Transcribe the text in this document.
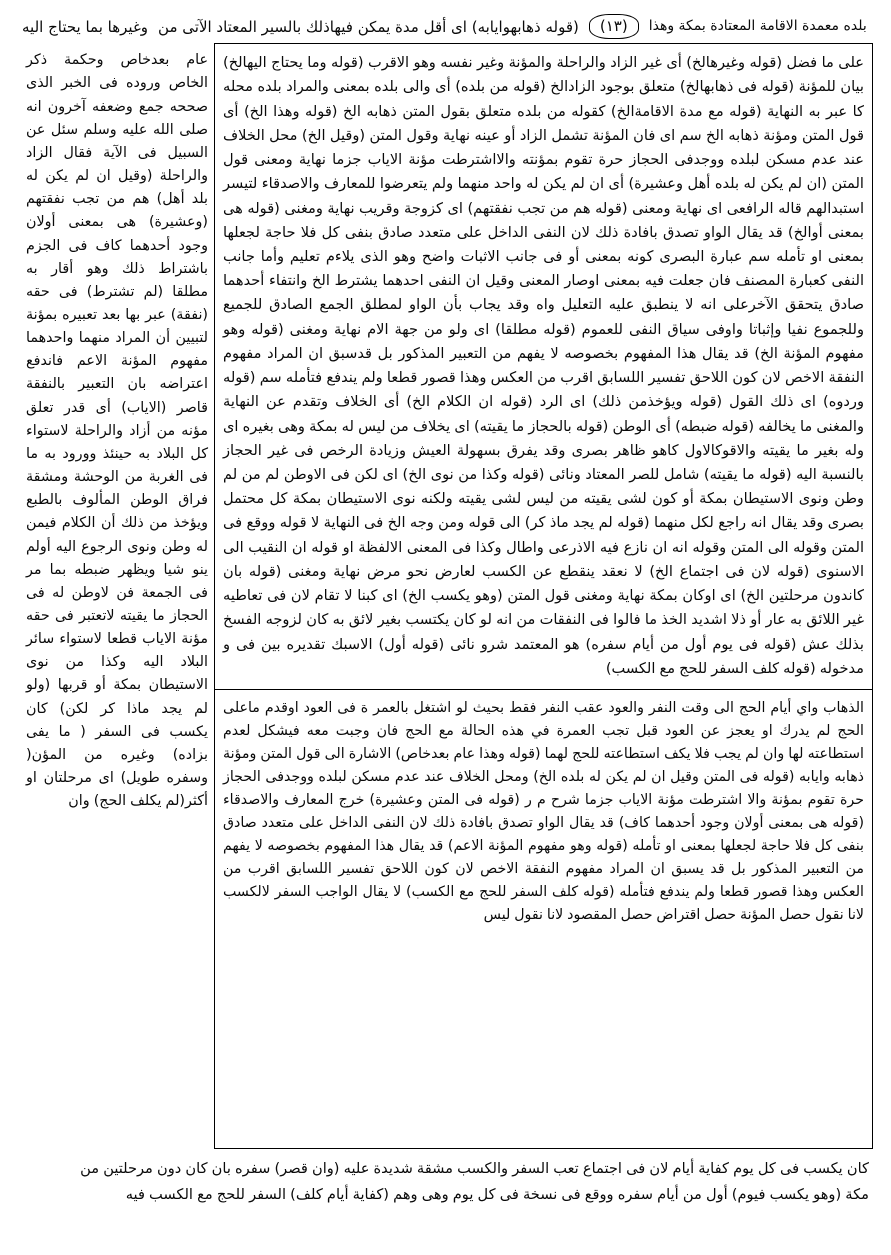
وغيرها بما يحتاج اليه (قوله ذهابهوايابه) اى أقل مدة يمكن فيهاذلك بالسير المعتاد الآتى من	(١٣)	بلده معمدة الاقامة المعتادة بمكة وهذا

على ما فضل (قوله وغيرهالخ) أى غير الزاد والراحلة والمؤنة وغير نفسه وهو الاقرب (قوله وما يحتاج اليهالخ) بيان للمؤنة (قوله فى ذهابهالخ) متعلق بوجود الزادالخ (قوله من بلده) أى والى بلده بمعنى والمراد بلده محله كا عبر به النهاية (قوله مع مدة الاقامةالخ) كقوله من بلده متعلق بقول المتن ذهابه الخ (قوله وهذا الخ) أى قول المتن ومؤنة ذهابه الخ سم اى فان المؤنة تشمل الزاد أو عينه نهاية وقول المتن (وقيل الخ) محل الخلاف عند عدم مسكن لبلده ووجدفى الحجاز حرة تقوم بمؤنته والااشترطت مؤنة الاياب جزما نهاية ومعنى قول المتن (ان لم يكن له بلده أهل وعشيرة) أى ان لم يكن له واحد منهما ولم يتعرضوا للمعارف والاصدقاء لتيسر استبدالهم قاله الرافعى اى نهاية ومعنى (قوله هم من تجب نفقتهم) اى كزوجة وقريب نهاية ومغنى (قوله هى بمعنى أوالخ) قد يقال الواو تصدق بافادة ذلك لان النفى الداخل على متعدد صادق بنفى كل فلا حاجة لجعلها بمعنى او تأمله سم عبارة البصرى كونه بمعنى أو فى جانب الاثبات واضح وهو الذى يلاءم تعليم وأما جانب النفى كعبارة المصنف فان جعلت فيه بمعنى اوصار المعنى وقيل ان النفى احدهما يشترط الخ وانتفاء أحدهما صادق يتحقق الآخرعلى انه لا ينطبق عليه التعليل واه وقد يجاب بأن الواو لمطلق الجمع الصادق للجميع وللجموع نفيا وإثباتا واوفى سياق النفى للعموم (قوله مطلقا) اى ولو من جهة الام نهاية ومغنى (قوله وهو مفهوم المؤنة الخ) قد يقال هذا المفهوم بخصوصه لا يفهم من التعبير المذكور بل قدسبق ان المراد مفهوم النفقة الاخص لان كون اللاحق تفسير اللسابق اقرب من العكس وهذا قصور قطعا ولم يندفع فتأمله سم (قوله وردوه) اى ذلك القول (قوله ويؤخذمن ذلك) اى الرد (قوله ان الكلام الخ) أى الخلاف وتقدم عن النهاية والمغنى ما يخالفه (قوله ضبطه) أى الوطن (قوله بالحجاز ما يقيته) اى يخلاف من ليس له بمكة وهى بغيره اى وله بغير ما يقيته والاقوكالاول كاهو ظاهر بصرى وقد يفرق بسهولة العيش وزيادة الرخص فى غير الحجاز بالنسبة اليه (قوله ما يقيته) شامل للصر المعتاد ونائى (قوله وكذا من نوى الخ) اى لكن فى الاوطن لم من لم وطن ونوى الاستيطان بمكة أو كون لشى يقيته من ليس لشى يقيته ولكنه نوى الاستيطان بمكة كل محتمل بصرى وقد يقال انه راجع لكل منهما (قوله لم يجد ماذ كر) الى قوله ومن وجه الخ فى النهاية لا قوله ووقع فى المتن وقوله الى المتن وقوله انه ان نازع فيه الاذرعى واطال وكذا فى المعنى الالفظة او قوله ان النقيب الى الاسنوى (قوله لان فى اجتماع الخ) لا نعقد ينقطع عن الكسب لعارض نحو مرض نهاية ومغنى (قوله بان كاندون مرحلتين الخ) اى اوكان بمكة نهاية ومغنى قول المتن (وهو يكسب الخ) اى كبنا لا تقام لان فى تعاطيه غير اللائق به عار أو ذلا اشديد الخذ ما فالوا فى النفقات من انه لو كان يكتسب بغير لائق به كان لزوجه الفسخ بذلك عش (قوله فى يوم أول من أيام سفره) هو المعتمد شرو نائى (قوله أول) الاسبك تقديره بين فى و مدخوله (قوله كلف السفر للحج مع الكسب)

الذهاب واي أيام الحج الى وقت النفر والعود عقب النفر فقط بحيث لو اشتغل بالعمر ة فى العود اوقدم ماعلى الحج لم يدرك او يعجز عن العود قبل تجب العمرة في هذه الحالة مع الحج فان وجبت معه فيشكل لعدم استطاعته لها وان لم يجب فلا يكف استطاعته للحج لهما (قوله وهذا عام بعدخاص) الاشارة الى قول المتن ومؤنة ذهابه وايابه (قوله فى المتن وقيل ان لم يكن له بلده الخ) ومحل الخلاف عند عدم مسكن لبلده ووجدفى الحجاز حرة تقوم بمؤنة والا اشترطت مؤنة الاياب جزما شرح م ر (قوله فى المتن وعشيرة) خرج المعارف والاصدقاء (قوله هى بمعنى أولان وجود أحدهما كاف) قد يقال الواو تصدق بافادة ذلك لان النفى الداخل على متعدد صادق بنفى كل فلا حاجة لجعلها بمعنى او تأمله (قوله وهو مفهوم المؤنة الاعم) قد يقال هذا المفهوم بخصوصه لا يفهم من التعبير المذكور بل قد يسبق ان المراد مفهوم النفقة الاخص لان كون اللاحق تفسير اللسابق اقرب من العكس وهذا قصور قطعا ولم يندفع فتأمله (قوله كلف السفر للحج مع الكسب) لا يقال الواجب السفر لالكسب لانا نقول حصل المؤنة حصل اقتراض حصل المقصود لانا نقول ليس

عام بعدخاص وحكمة ذكر الخاص وروده فى الخبر الذى صححه جمع وضعفه آخرون انه صلى الله عليه وسلم سئل عن السبيل فى الآية فقال الزاد والراحلة (وقيل ان لم يكن له بلد أهل) هم من تجب نفقتهم (وعشيرة) هى بمعنى أولان وجود أحدهما كاف فى الجزم باشتراط ذلك وهو أقار به مطلقا (لم تشترط) فى حقه (نفقة) عبر بها بعد تعبيره بمؤنة لتبيين أن المراد منهما واحدهما مفهوم المؤنة الاعم فاندفع اعتراضه بان التعبير بالنفقة قاصر (الاياب) أى قدر تعلق مؤنه من أزاد والراحلة لاستواء كل البلاد به حينئذ وورود به ما فى الغربة من الوحشة ومشقة فراق الوطن المألوف بالطبع ويؤخذ من ذلك أن الكلام فيمن له وطن ونوى الرجوع اليه أولم ينو شيا ويظهر ضبطه بما مر فى الجمعة فن لاوطن له فى الحجاز ما يقيته لاتعتبر فى حقه مؤنة الاياب قطعا لاستواء سائر البلاد اليه وكذا من نوى الاستيطان بمكة أو قربها (ولو لم يجد ماذا كر لكن) كان يكسب فى السفر ( ما يفى بزاده) وغيره من المؤن( وسفره طويل) اى مرحلتان او أكثر(لم يكلف الحج) وان

كان يكسب فى كل يوم كفاية أيام لان فى اجتماع تعب السفر والكسب مشقة شديدة عليه (وان قصر) سفره بان كان دون مرحلتين من

مكة (وهو يكسب فيوم) أول من أيام سفره ووقع فى نسخة فى كل يوم وهى وهم (كفاية أيام كلف) السفر للحج مع الكسب فيه
